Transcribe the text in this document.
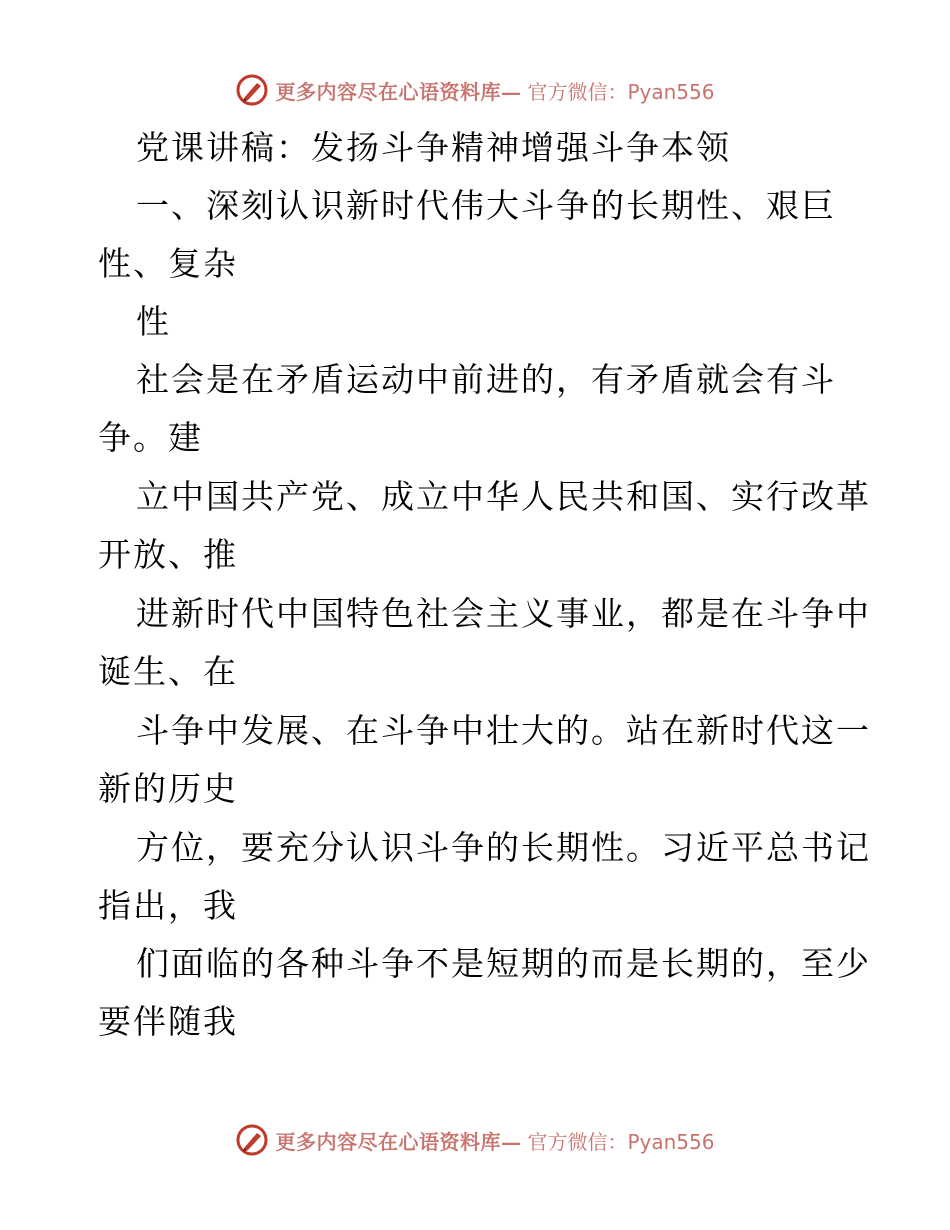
更多内容尽在心语资料库— 官方微信：Pyan556
党课讲稿：发扬斗争精神增强斗争本领
一、深刻认识新时代伟大斗争的长期性、艰巨
性、复杂
性
社会是在矛盾运动中前进的，有矛盾就会有斗
争。建
立中国共产党、成立中华人民共和国、实行改革
开放、推
进新时代中国特色社会主义事业，都是在斗争中
诞生、在
斗争中发展、在斗争中壮大的。站在新时代这一
新的历史
方位，要充分认识斗争的长期性。习近平总书记
指出，我
们面临的各种斗争不是短期的而是长期的，至少
要伴随我
更多内容尽在心语资料库— 官方微信：Pyan556
